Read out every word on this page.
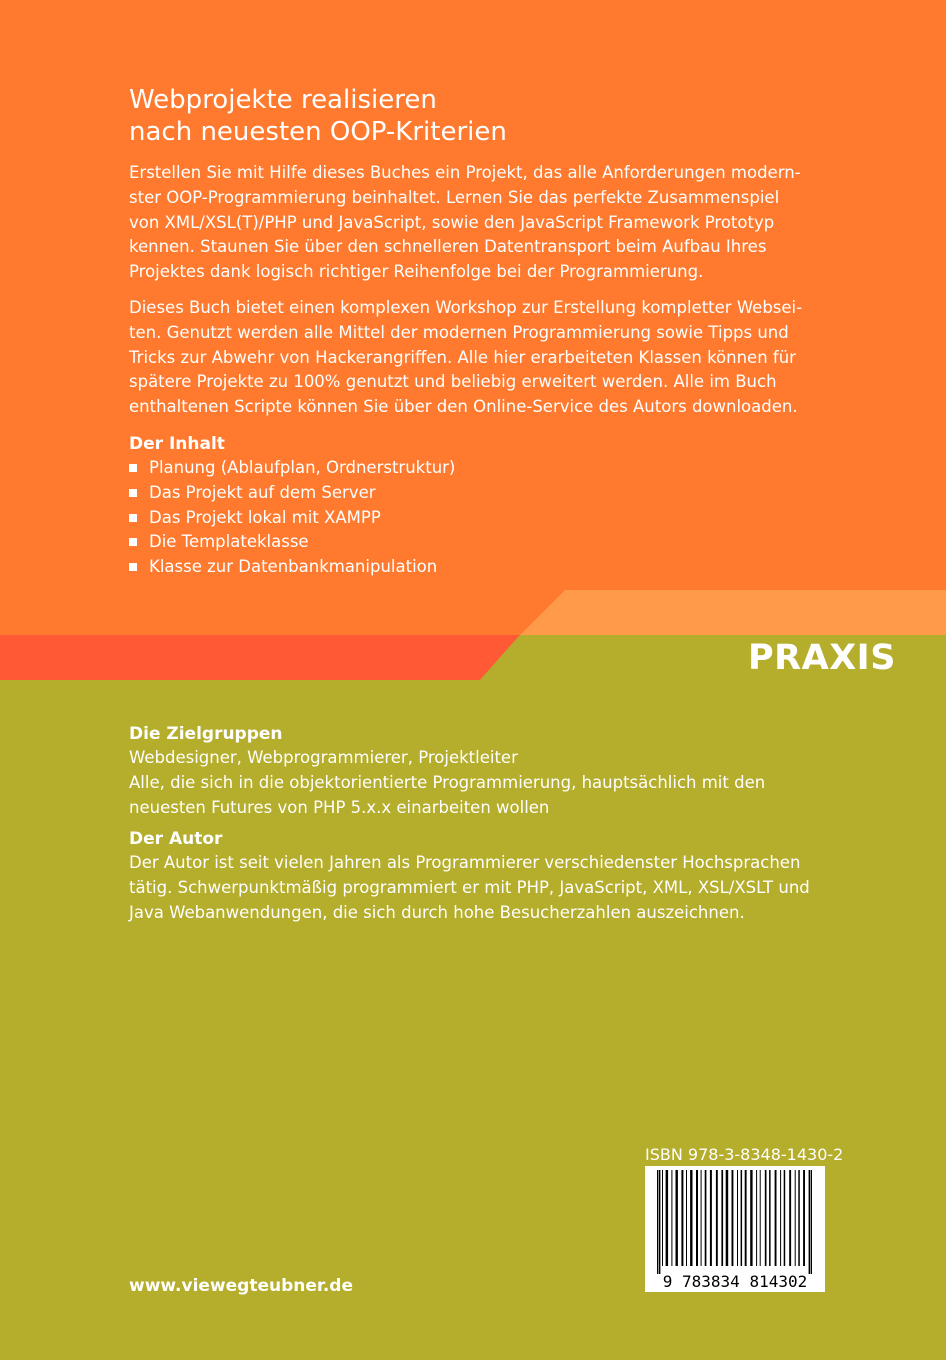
Webprojekte realisieren
nach neuesten OOP-Kriterien
Erstellen Sie mit Hilfe dieses Buches ein Projekt, das alle Anforderungen modern-
ster OOP-Programmierung beinhaltet. Lernen Sie das perfekte Zusammenspiel
von XML/XSL(T)/PHP und JavaScript, sowie den JavaScript Framework Prototyp
kennen. Staunen Sie über den schnelleren Datentransport beim Aufbau Ihres
Projektes dank logisch richtiger Reihenfolge bei der Programmierung.
Dieses Buch bietet einen komplexen Workshop zur Erstellung kompletter Websei-
ten. Genutzt werden alle Mittel der modernen Programmierung sowie Tipps und
Tricks zur Abwehr von Hackerangriffen. Alle hier erarbeiteten Klassen können für
spätere Projekte zu 100% genutzt und beliebig erweitert werden. Alle im Buch
enthaltenen Scripte können Sie über den Online-Service des Autors downloaden.
Der Inhalt
Planung (Ablaufplan, Ordnerstruktur)
Das Projekt auf dem Server
Das Projekt lokal mit XAMPP
Die Templateklasse
Klasse zur Datenbankmanipulation
PRAXIS
Die Zielgruppen
Webdesigner, Webprogrammierer, Projektleiter
Alle, die sich in die objektorientierte Programmierung, hauptsächlich mit den
neuesten Futures von PHP 5.x.x einarbeiten wollen
Der Autor
Der Autor ist seit vielen Jahren als Programmierer verschiedenster Hochsprachen
tätig. Schwerpunktmäßig programmiert er mit PHP, JavaScript, XML, XSL/XSLT und
Java Webanwendungen, die sich durch hohe Besucherzahlen auszeichnen.
ISBN 978-3-8348-1430-2
9 783834 814302
www.viewegteubner.de
